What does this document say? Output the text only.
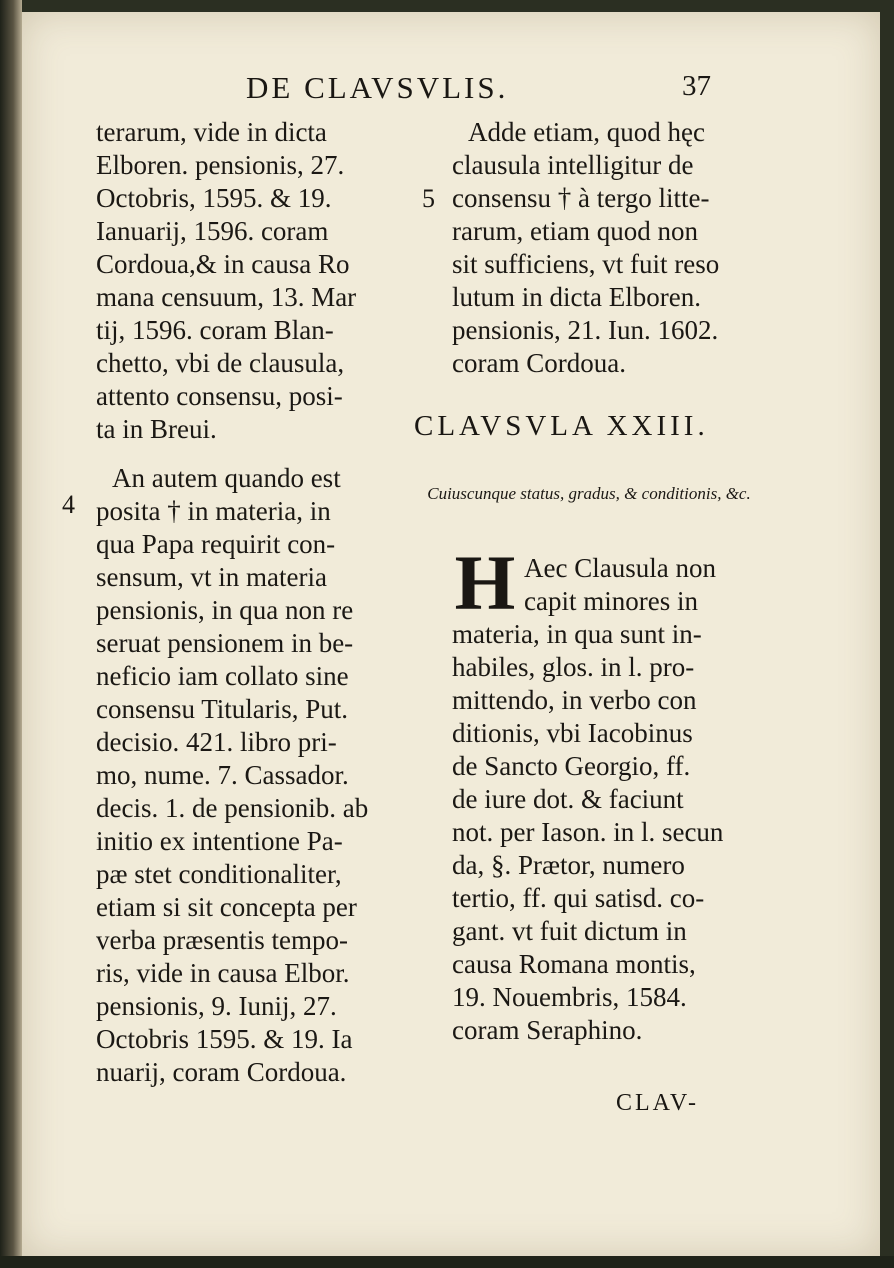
DE CLAVSVLIS.	37
terarum, vide in dicta
Elboren. pensionis, 27.
Octobris, 1595. & 19.
Ianuarij, 1596. coram
Cordoua,& in causa Ro
mana censuum, 13. Mar
tij, 1596. coram Blan-
chetto, vbi de clausula,
attento consensu, posi-
ta in Breui.
An autem quando est
posita † in materia, in
qua Papa requirit con-
sensum, vt in materia
pensionis, in qua non re
seruat pensionem in be-
neficio iam collato sine
consensu Titularis, Put.
decisio. 421. libro pri-
mo, nume. 7. Cassador.
decis. 1. de pensionib. ab
initio ex intentione Pa-
pæ stet conditionaliter,
etiam si sit concepta per
verba præsentis tempo-
ris, vide in causa Elbor.
pensionis, 9. Iunij, 27.
Octobris 1595. & 19. Ia
nuarij, coram Cordoua.
4
Adde etiam, quod hęc
clausula intelligitur de
consensu † à tergo litte-
rarum, etiam quod non
sit sufficiens, vt fuit reso
lutum in dicta Elboren.
pensionis, 21. Iun. 1602.
coram Cordoua.
5
CLAVSVLA XXIII.
Cuiuscunque status, gradus, & conditionis, &c.
H Aec Clausula non
capit minores in
materia, in qua sunt in-
habiles, glos. in l. pro-
mittendo, in verbo con
ditionis, vbi Iacobinus
de Sancto Georgio, ff.
de iure dot. & faciunt
not. per Iason. in l. secun
da, §. Prætor, numero
tertio, ff. qui satisd. co-
gant. vt fuit dictum in
causa Romana montis,
19. Nouembris, 1584.
coram Seraphino.
CLAV-
